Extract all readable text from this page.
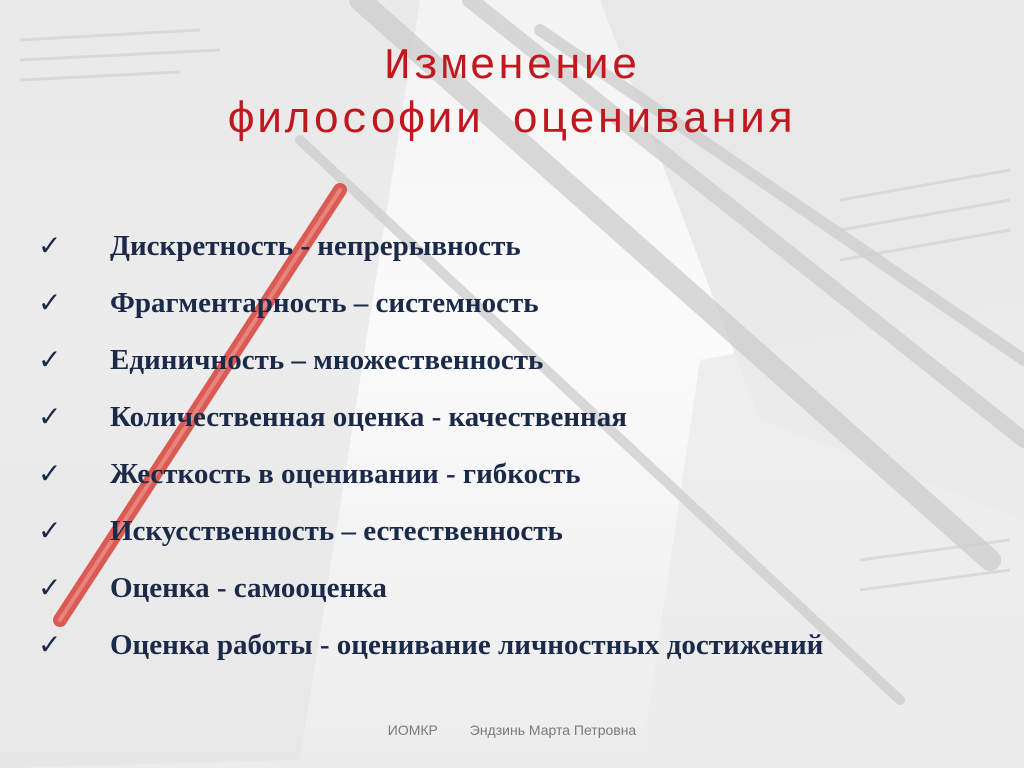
Изменение
философии оценивания
✓	Дискретность - непрерывность
✓	Фрагментарность – системность
✓	Единичность – множественность
✓	Количественная оценка - качественная
✓	Жесткость в оценивании - гибкость
✓	Искусственность – естественность
✓	Оценка - самооценка
✓	Оценка работы - оценивание личностных достижений
ИОМКР Эндзинь Марта Петровна
